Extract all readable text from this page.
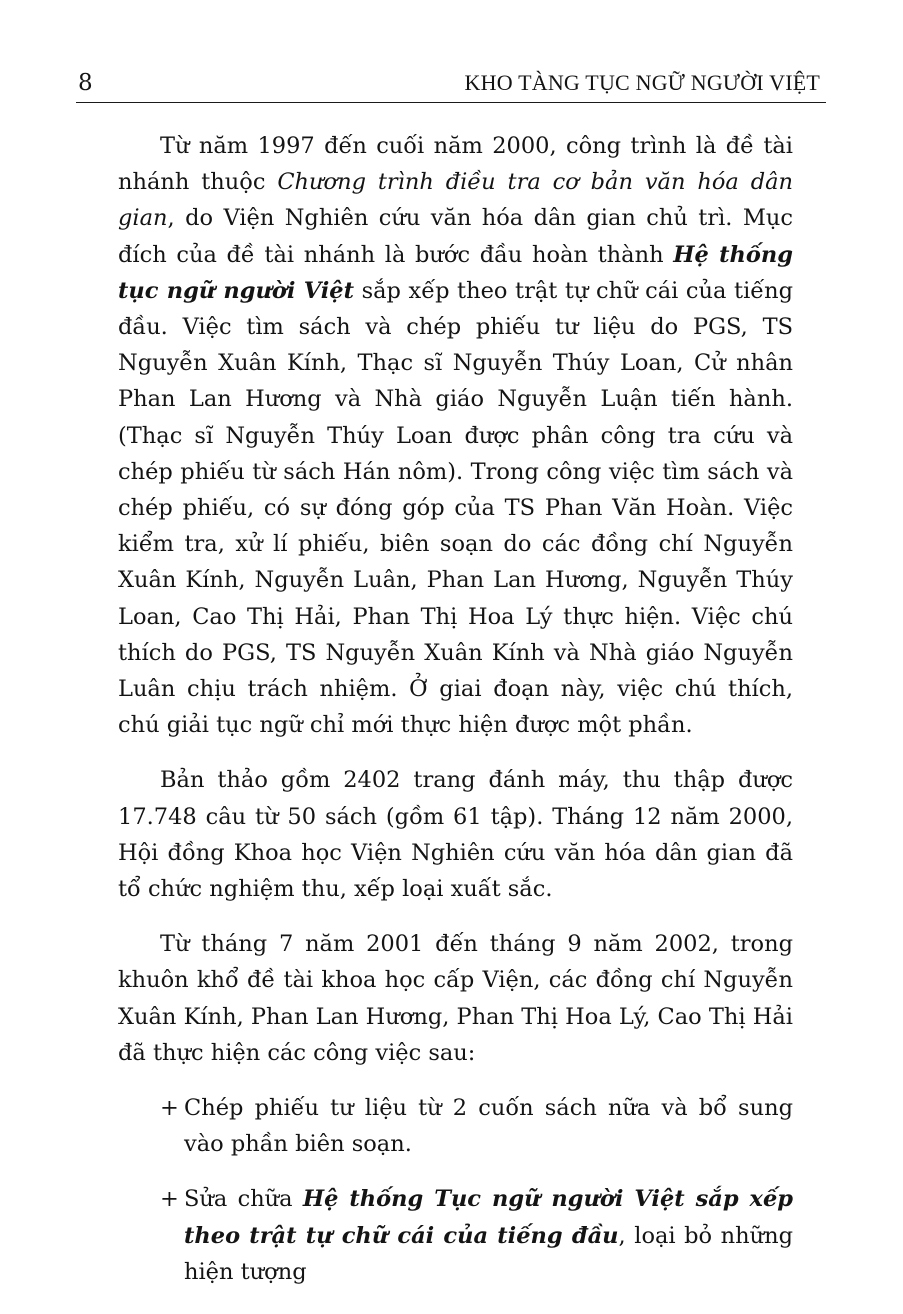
8	KHO TÀNG TỤC NGỮ NGƯỜI VIỆT

Từ năm 1997 đến cuối năm 2000, công trình là đề tài nhánh thuộc Chương trình điều tra cơ bản văn hóa dân gian, do Viện Nghiên cứu văn hóa dân gian chủ trì. Mục đích của đề tài nhánh là bước đầu hoàn thành Hệ thống tục ngữ người Việt sắp xếp theo trật tự chữ cái của tiếng đầu. Việc tìm sách và chép phiếu tư liệu do PGS, TS Nguyễn Xuân Kính, Thạc sĩ Nguyễn Thúy Loan, Cử nhân Phan Lan Hương và Nhà giáo Nguyễn Luận tiến hành. (Thạc sĩ Nguyễn Thúy Loan được phân công tra cứu và chép phiếu từ sách Hán nôm). Trong công việc tìm sách và chép phiếu, có sự đóng góp của TS Phan Văn Hoàn. Việc kiểm tra, xử lí phiếu, biên soạn do các đồng chí Nguyễn Xuân Kính, Nguyễn Luân, Phan Lan Hương, Nguyễn Thúy Loan, Cao Thị Hải, Phan Thị Hoa Lý thực hiện. Việc chú thích do PGS, TS Nguyễn Xuân Kính và Nhà giáo Nguyễn Luân chịu trách nhiệm. Ở giai đoạn này, việc chú thích, chú giải tục ngữ chỉ mới thực hiện được một phần.

Bản thảo gồm 2402 trang đánh máy, thu thập được 17.748 câu từ 50 sách (gồm 61 tập). Tháng 12 năm 2000, Hội đồng Khoa học Viện Nghiên cứu văn hóa dân gian đã tổ chức nghiệm thu, xếp loại xuất sắc.

Từ tháng 7 năm 2001 đến tháng 9 năm 2002, trong khuôn khổ đề tài khoa học cấp Viện, các đồng chí Nguyễn Xuân Kính, Phan Lan Hương, Phan Thị Hoa Lý, Cao Thị Hải đã thực hiện các công việc sau:

+ Chép phiếu tư liệu từ 2 cuốn sách nữa và bổ sung vào phần biên soạn.
+ Sửa chữa Hệ thống Tục ngữ người Việt sắp xếp theo trật tự chữ cái của tiếng đầu, loại bỏ những hiện tượng
